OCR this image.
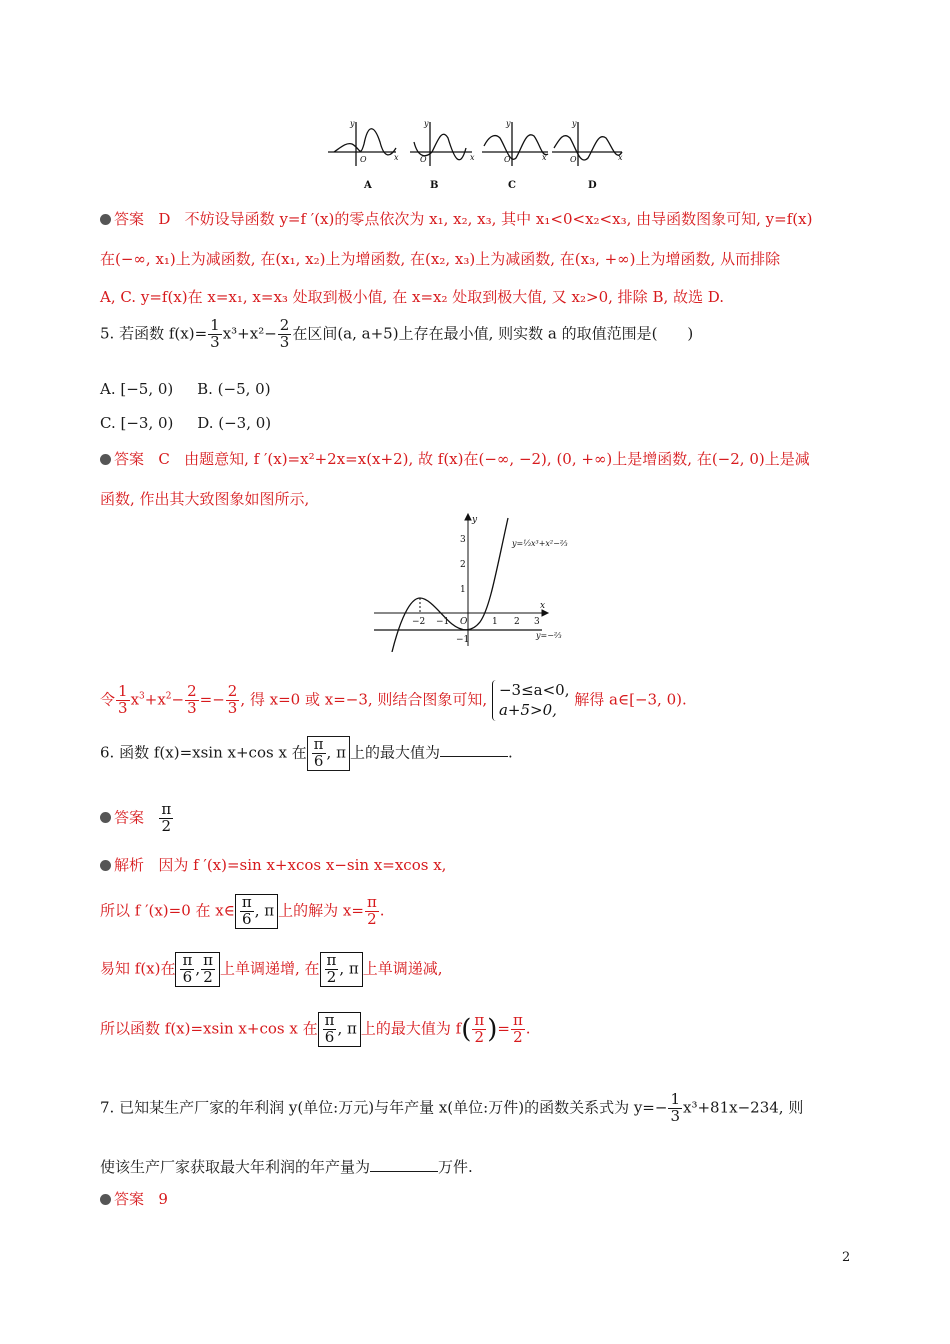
y
O	x
y
O	x
y
O	x
y
O	x
A	B	C	D
答案 D 不妨设导函数 y=f ′(x)的零点依次为 x₁, x₂, x₃, 其中 x₁<0<x₂<x₃, 由导函数图象可知, y=f(x)
在(−∞, x₁)上为减函数, 在(x₁, x₂)上为增函数, 在(x₂, x₃)上为减函数, 在(x₃, +∞)上为增函数, 从而排除
A, C. y=f(x)在 x=x₁, x=x₃ 处取到极小值, 在 x=x₂ 处取到极大值, 又 x₂>0, 排除 B, 故选 D.
5. 若函数 $f(x)= \frac{1}{3} x^3+x^2- \frac{2}{3}$ 在区间(a, a+5)上存在最小值, 则实数 a 的取值范围是(　　)
A. [−5, 0) B. (−5, 0)
C. [−3, 0) D. (−3, 0)
答案 C 由题意知, f ′(x)=x²+2x=x(x+2), 故 f(x)在(−∞, −2), (0, +∞)上是增函数, 在(−2, 0)上是减
函数, 作出其大致图象如图所示,
3
2
1
−1
−2 −1 O	1 2 3
y
x
y=⅓x³+x²−⅔
y=−⅔
令 $\frac{1}{3} x^3+x^2- \frac{2}{3} =- \frac{2}{3}$ , 得 x=0 或 x=−3, 则结合图象可知,
−3≤a<0,
a+5>0,
解得 a∈[−3, 0).
6. 函数 f(x)=xsin x+cos x 在 $\frac{\pi}{6}$ , π 上的最大值为	.
答案 $\frac{\pi}{2}$
解析 因为 f ′(x)=sin x+xcos x−sin x=xcos x,
所以 f ′(x)=0 在 x∈ $\frac{\pi}{6}$ , π 上的解为 $x= \frac{\pi}{2}$ .
易知 f(x)在 $\frac{\pi}{6}$ , $\frac{\pi}{2}$ 上单调递增, 在 $\frac{\pi}{2}$ , π 上单调递减,
所以函数 f(x)=xsin x+cos x 在 $\frac{\pi}{6}$ , π 上的最大值为 $f( \frac{\pi}{2}$ )= $\frac{\pi}{2}$ .
7. 已知某生产厂家的年利润 y(单位:万元)与年产量 x(单位:万件)的函数关系式为 $y=- \frac{1}{3} x^3+81x-234$, 则
使该生产厂家获取最大年利润的年产量为	万件.
答案 9
2
